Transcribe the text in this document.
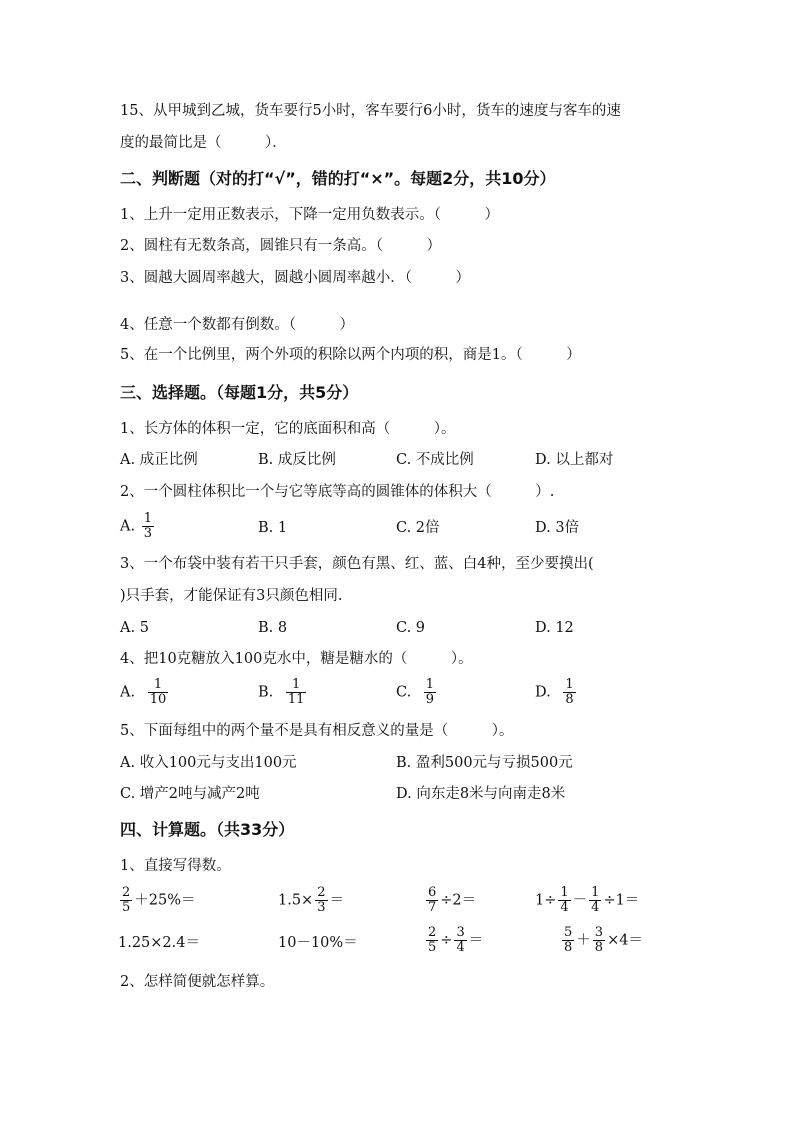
15、从甲城到乙城，货车要行5小时，客车要行6小时，货车的速度与客车的速
度的最简比是（　　　）．
二、判断题（对的打“√”，错的打“×”。每题2分，共10分）
1、上升一定用正数表示，下降一定用负数表示。（　　　）
2、圆柱有无数条高，圆锥只有一条高。（　　　）
3、圆越大圆周率越大，圆越小圆周率越小．（　　　）
4、任意一个数都有倒数。（　　　）
5、在一个比例里，两个外项的积除以两个内项的积，商是1。（　　　）
三、选择题。（每题1分，共5分）
1、长方体的体积一定，它的底面积和高（　　　）。
A. 成正比例	B. 成反比例	C. 不成比例	D. 以上都对
2、一个圆柱体积比一个与它等底等高的圆锥体的体积大（　　　）.
A. $\frac{1}{3}$	B. 1	C. 2倍	D. 3倍
3、一个布袋中装有若干只手套，颜色有黑、红、蓝、白4种，至少要摸出(
)只手套，才能保证有3只颜色相同.
A. 5	B. 8	C. 9	D. 12
4、把10克糖放入100克水中，糖是糖水的（　　　）。
A. $\frac{1}{10}$	B. $\frac{1}{11}$	C. $\frac{1}{9}$	D. $\frac{1}{8}$
5、下面每组中的两个量不是具有相反意义的量是（　　　）。
A. 收入100元与支出100元	B. 盈利500元与亏损500元
C. 增产2吨与减产2吨	D. 向东走8米与向南走8米
四、计算题。（共33分）
1、直接写得数。
$\frac{2}{5} +25\%=$	$1.5\times \frac{2}{3}$ ＝	$\frac{6}{7} \div 2=$	$1\div \frac{1}{4} - \frac{1}{4} \div 1=$
1.25×2.4＝	10－10%＝	$\frac{2}{5} \div \frac{3}{4}$ ＝	$\frac{5}{8} + \frac{3}{8} \times 4=$
2、怎样简便就怎样算。
